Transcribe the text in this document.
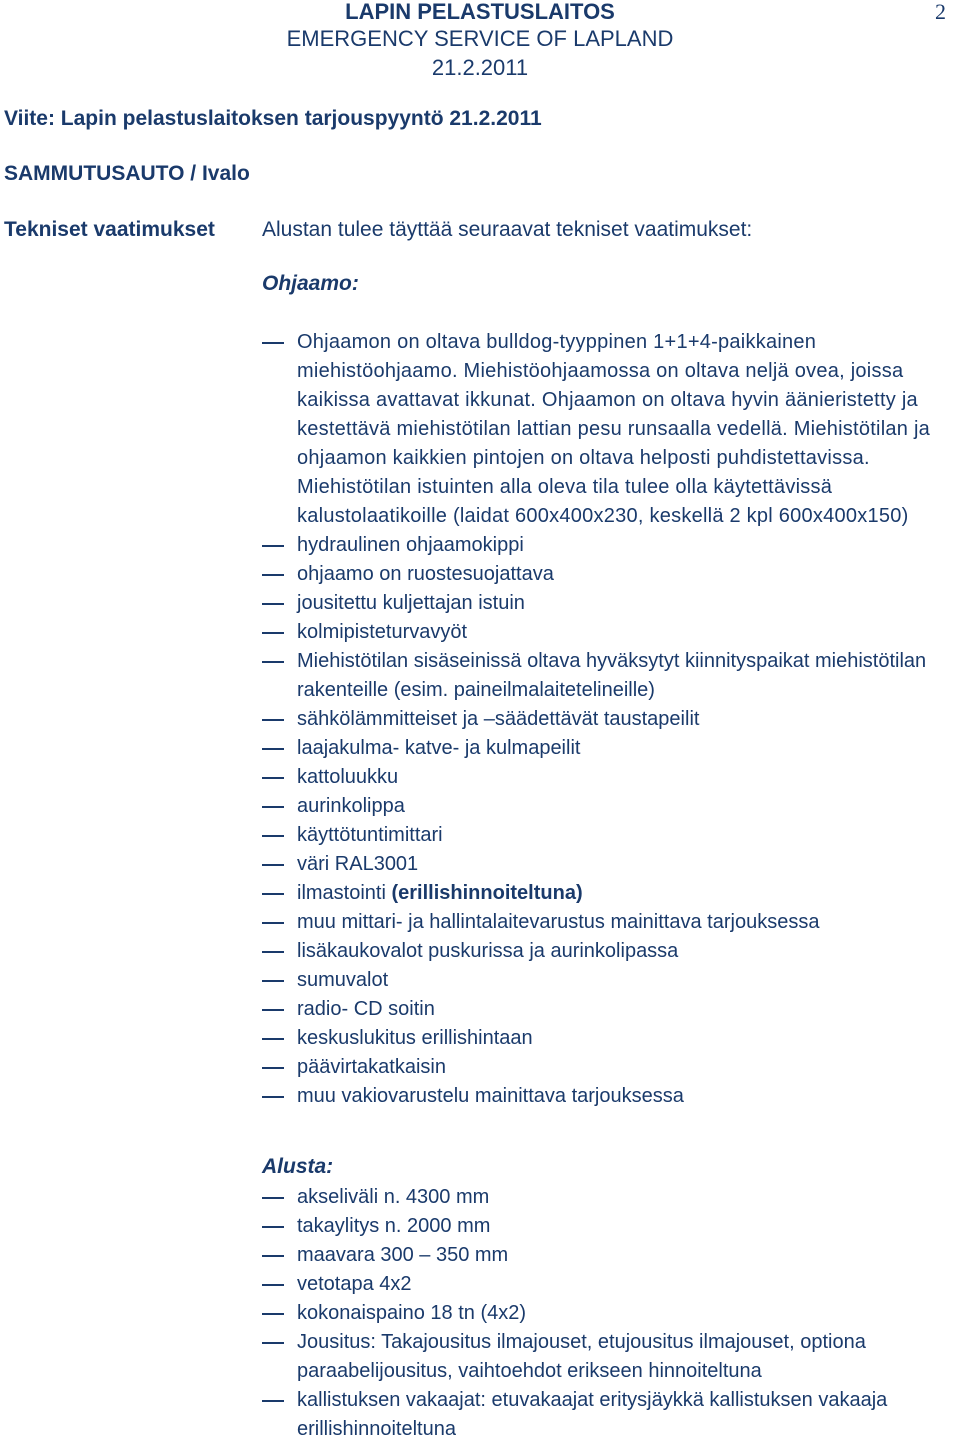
LAPIN PELASTUSLAITOS
EMERGENCY SERVICE OF LAPLAND
21.2.2011
2
Viite: Lapin pelastuslaitoksen tarjouspyyntö 21.2.2011
SAMMUTUSAUTO / Ivalo
Tekniset vaatimukset Alustan tulee täyttää seuraavat tekniset vaatimukset:
Ohjaamo:
Ohjaamon on oltava bulldog-tyyppinen 1+1+4-paikkainen miehistöohjaamo. Miehistöohjaamossa on oltava neljä ovea, joissa kaikissa avattavat ikkunat. Ohjaamon on oltava hyvin äänieristetty ja kestettävä miehistötilan lattian pesu runsaalla vedellä. Miehistötilan ja ohjaamon kaikkien pintojen on oltava helposti puhdistettavissa. Miehistötilan istuinten alla oleva tila tulee olla käytettävissä kalustolaatikoille (laidat 600x400x230, keskellä 2 kpl 600x400x150)
hydraulinen ohjaamokippi
ohjaamo on ruostesuojattava
jousitettu kuljettajan istuin
kolmipisteturvavyöt
Miehistötilan sisäseinissä oltava hyväksytyt kiinnityspaikat miehistötilan rakenteille (esim. paineilmalaitetelineille)
sähkölämmitteiset ja –säädettävät taustapeilit
laajakulma- katve- ja kulmapeilit
kattoluukku
aurinkolippa
käyttötuntimittari
väri RAL3001
ilmastointi (erillishinnoiteltuna)
muu mittari- ja hallintalaitevarustus mainittava tarjouksessa
lisäkaukovalot puskurissa ja aurinkolipassa
sumuvalot
radio- CD soitin
keskuslukitus erillishintaan
päävirtakatkaisin
muu vakiovarustelu mainittava tarjouksessa
Alusta:
akseliväli n. 4300 mm
takaylitys n. 2000 mm
maavara 300 – 350 mm
vetotapa 4x2
kokonaispaino 18 tn (4x2)
Jousitus: Takajousitus ilmajouset, etujousitus ilmajouset, optiona paraabelijousitus, vaihtoehdot erikseen hinnoiteltuna
kallistuksen vakaajat: etuvakaajat eritysjäykkä kallistuksen vakaaja erillishinnoiteltuna
